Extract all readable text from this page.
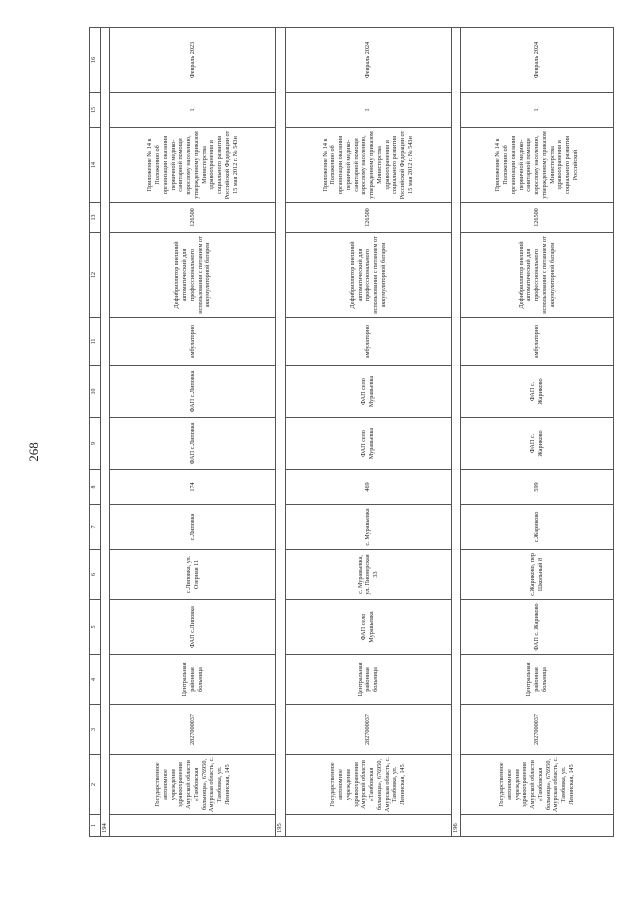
268
1	2	3	4	5	6	7	8	9	10	11	12	13	14	15	16
194															
	Государственное автономное учреждение здравоохранения Амурской области «Тамбовская больница», 676950, Амурская область, с. Тамбовка, ул. Ленинская, 145	2827000037	Центральная районная больница	ФАП с.Липовка	с.Липовка, ул. Озерная 11	с.Липовка	174	ФАП с.Липовка	ФАП с.Липовка	амбулаторно	Дефибриллятор внешний автоматический для профессионального использования с питанием от аккумуляторной батареи	126500	Приложение № 14 к Положению об организации оказания первичной медико-санитарной помощи взрослому населению, утвержденному приказом Министерства здравоохранения и социального развития Российской Федерации от 15 мая 2012 г. № 543н	1	Февраль 2023
195															
	Государственное автономное учреждение здравоохранения Амурской области «Тамбовская больница», 676950, Амурская область, с. Тамбовка, ул. Ленинская, 145	2827000037	Центральная районная больница	ФАП село Муравьевка	с. Муравьевка, ул. Пионерская 33	с. Муравьевка	469	ФАП село Муравьевка	ФАП село Муравьевка	амбулаторно	Дефибриллятор внешний автоматический для профессионального использования с питанием от аккумуляторной батареи	126500	Приложение № 14 к Положению об организации оказания первичной медико-санитарной помощи взрослому населению, утвержденному приказом Министерства здравоохранения и социального развития Российской Федерации от 15 мая 2012 г. № 543н	1	Февраль 2024
196															
	Государственное автономное учреждение здравоохранения Амурской области «Тамбовская больница», 676950, Амурская область, с. Тамбовка, ул. Ленинская, 145	2827000037	Центральная районная больница	ФАП с. Жариково	с.Жариково, пер Школьный 8	с.Жариково	599	ФАП с. Жариково	ФАП с. Жариково	амбулаторно	Дефибриллятор внешний автоматический для профессионального использования с питанием от аккумуляторной батареи	126500	Приложение № 14 к Положению об организации оказания первичной медико-санитарной помощи взрослому населению, утвержденному приказом Министерства здравоохранения и социального развития Российской	1	Февраль 2024
